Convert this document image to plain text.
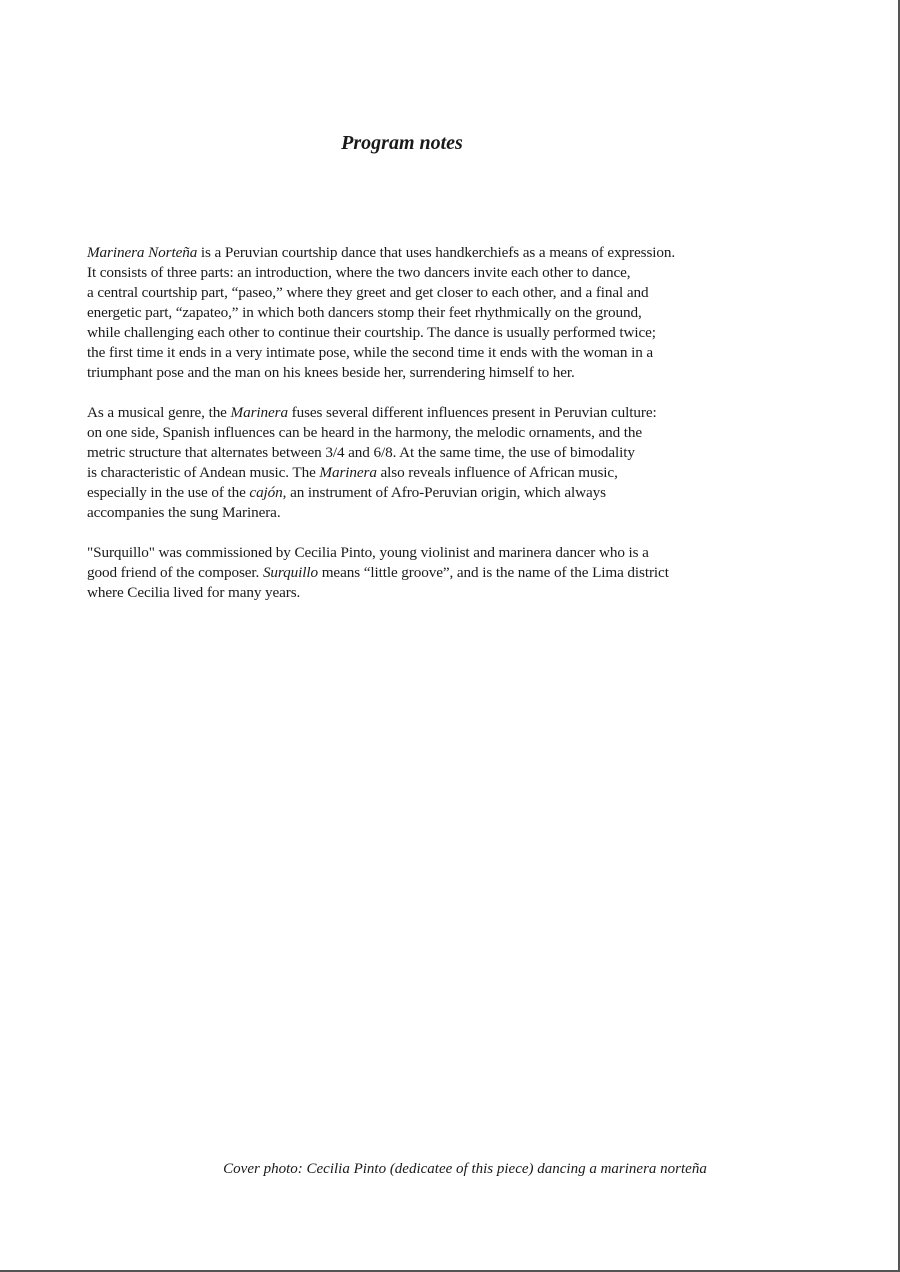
Program notes

Marinera Norteña is a Peruvian courtship dance that uses handkerchiefs as a means of expression.
It consists of three parts: an introduction, where the two dancers invite each other to dance,
a central courtship part, “paseo,” where they greet and get closer to each other, and a final and
energetic part, “zapateo,” in which both dancers stomp their feet rhythmically on the ground,
while challenging each other to continue their courtship. The dance is usually performed twice;
the first time it ends in a very intimate pose, while the second time it ends with the woman in a
triumphant pose and the man on his knees beside her, surrendering himself to her.

As a musical genre, the Marinera fuses several different influences present in Peruvian culture:
on one side, Spanish influences can be heard in the harmony, the melodic ornaments, and the
metric structure that alternates between 3/4 and 6/8. At the same time, the use of bimodality
is characteristic of Andean music. The Marinera also reveals influence of African music,
especially in the use of the cajón, an instrument of Afro-Peruvian origin, which always
accompanies the sung Marinera.

"Surquillo" was commissioned by Cecilia Pinto, young violinist and marinera dancer who is a
good friend of the composer. Surquillo means “little groove”, and is the name of the Lima district
where Cecilia lived for many years.

Cover photo: Cecilia Pinto (dedicatee of this piece) dancing a marinera norteña
